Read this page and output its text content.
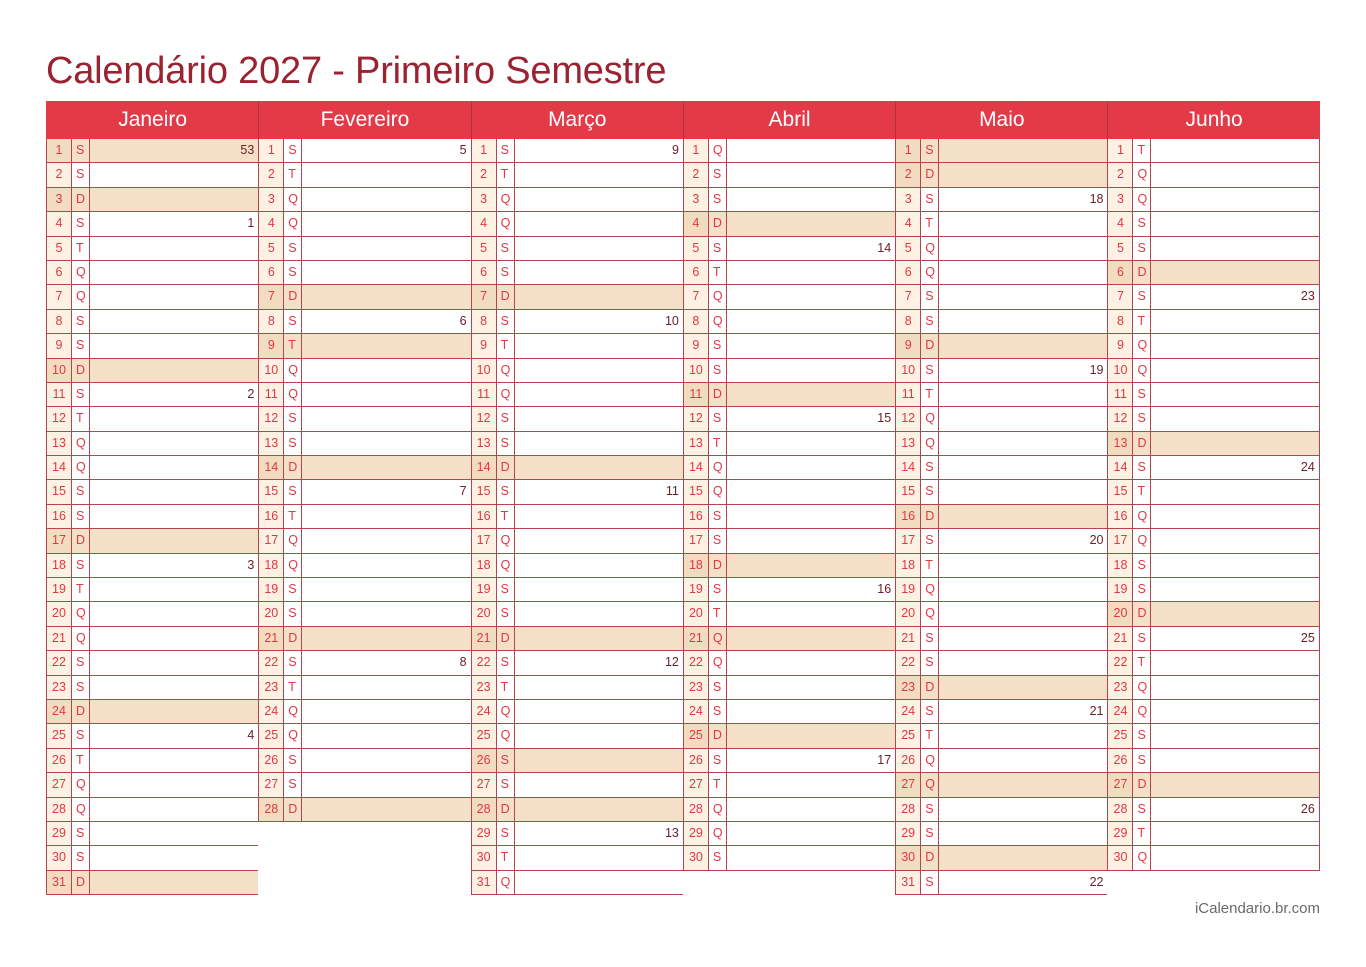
Calendário 2027 - Primeiro Semestre
Janeiro
1	S	53
2	S
3	D
4	S	1
5	T
6	Q
7	Q
8	S
9	S
10 D
11 S	2
12 T
13 Q
14 Q
15 S
16 S
17 D
18 S	3
19 T
20 Q
21 Q
22 S
23 S
24 D
25 S	4
26 T
27 Q
28 Q
29 S
30 S
31 D
Fevereiro
1	S	5
2	T
3	Q
4	Q
5	S
6	S
7	D
8	S	6
9	T
10 Q
11 Q
12 S
13 S
14 D
15 S	7
16 T
17 Q
18 Q
19 S
20 S
21 D
22 S	8
23 T
24 Q
25 Q
26 S
27 S
28 D
Março
1	S	9
2	T
3	Q
4	Q
5	S
6	S
7	D
8	S	10
9	T
10 Q
11 Q
12 S
13 S
14 D
15 S	11
16 T
17 Q
18 Q
19 S
20 S
21 D
22 S	12
23 T
24 Q
25 Q
26 S
27 S
28 D
29 S	13
30 T
31 Q
Abril
1	Q
2	S
3	S
4	D
5	S	14
6	T
7	Q
8	Q
9	S
10 S
11 D
12 S	15
13 T
14 Q
15 Q
16 S
17 S
18 D
19 S	16
20 T
21 Q
22 Q
23 S
24 S
25 D
26 S	17
27 T
28 Q
29 Q
30 S
Maio
1	S
2	D
3	S	18
4	T
5	Q
6	Q
7	S
8	S
9	D
10 S	19
11 T
12 Q
13 Q
14 S
15 S
16 D
17 S	20
18 T
19 Q
20 Q
21 S
22 S
23 D
24 S	21
25 T
26 Q
27 Q
28 S
29 S
30 D
31 S	22
Junho
1	T
2	Q
3	Q
4	S
5	S
6	D
7	S	23
8	T
9	Q
10 Q
11 S
12 S
13 D
14 S	24
15 T
16 Q
17 Q
18 S
19 S
20 D
21 S	25
22 T
23 Q
24 Q
25 S
26 S
27 D
28 S	26
29 T
30 Q
iCalendario.br.com
